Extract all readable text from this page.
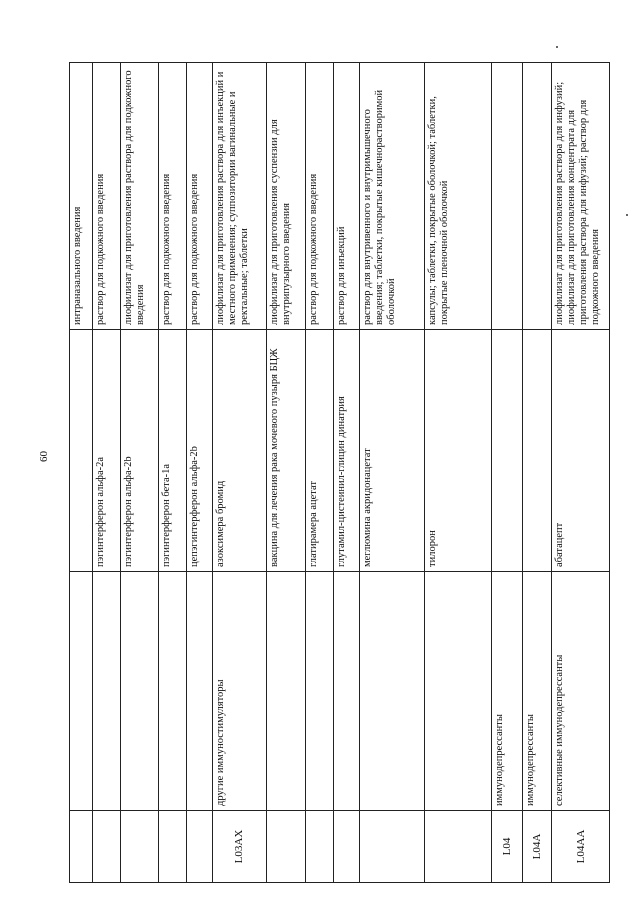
60
			интраназального введения
		пэгинтерферон альфа-2а	раствор для подкожного введения
		пэгинтерферон альфа-2b	лиофилизат для приготовления раствора для подкожного введения
		пэгинтерферон бета-1а	раствор для подкожного введения
		цепэгинтерферон альфа-2b	раствор для подкожного введения
L03AX	другие иммуностимуляторы	азоксимера бромид	лиофилизат для приготовления раствора для инъекций и местного применения; суппозитории вагинальные и ректальные; таблетки
		вакцина для лечения рака мочевого пузыря БЦЖ	лиофилизат для приготовления суспензии для внутрипузырного введения
		глатирамера ацетат	раствор для подкожного введения
		глутамил-цистеинил-глицин динатрия	раствор для инъекций
		меглюмина акридонацетат	раствор для внутривенного и внутримышечного введения; таблетки, покрытые кишечнорастворимой оболочкой
		тилорон	капсулы; таблетки, покрытые оболочкой; таблетки, покрытые пленочной оболочкой
L04	иммунодепрессанты		
L04A	иммунодепрессанты		
L04AA	селективные иммунодепрессанты	абатацепт	лиофилизат для приготовления раствора для инфузий; лиофилизат для приготовления концентрата для приготовления раствора для инфузий; раствор для подкожного введения
